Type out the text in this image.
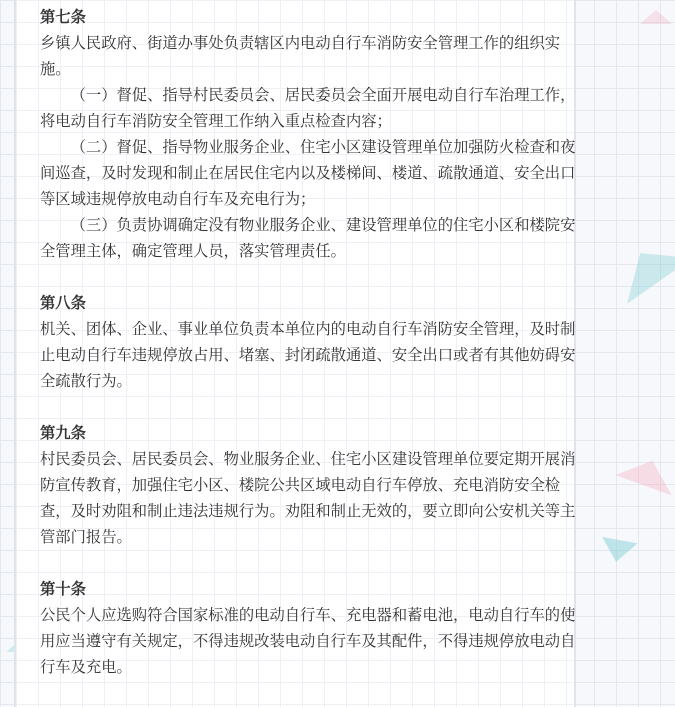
第七条

乡镇人民政府、街道办事处负责辖区内电动自行车消防安全管理工作的组织实施。

（一）督促、指导村民委员会、居民委员会全面开展电动自行车治理工作，将电动自行车消防安全管理工作纳入重点检查内容；

（二）督促、指导物业服务企业、住宅小区建设管理单位加强防火检查和夜间巡查，及时发现和制止在居民住宅内以及楼梯间、楼道、疏散通道、安全出口等区域违规停放电动自行车及充电行为；

（三）负责协调确定没有物业服务企业、建设管理单位的住宅小区和楼院安全管理主体，确定管理人员，落实管理责任。

第八条

机关、团体、企业、事业单位负责本单位内的电动自行车消防安全管理，及时制止电动自行车违规停放占用、堵塞、封闭疏散通道、安全出口或者有其他妨碍安全疏散行为。

第九条

村民委员会、居民委员会、物业服务企业、住宅小区建设管理单位要定期开展消防宣传教育，加强住宅小区、楼院公共区域电动自行车停放、充电消防安全检查，及时劝阻和制止违法违规行为。劝阻和制止无效的，要立即向公安机关等主管部门报告。

第十条

公民个人应选购符合国家标准的电动自行车、充电器和蓄电池，电动自行车的使用应当遵守有关规定，不得违规改装电动自行车及其配件，不得违规停放电动自行车及充电。
